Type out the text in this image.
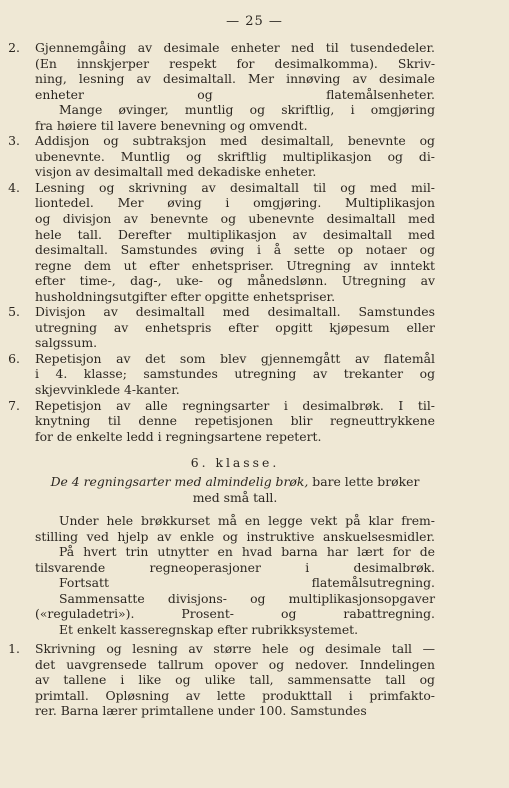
— 25 —
2. Gjennemgåing av desimale enheter ned til tusendedeler.

(En innskjerper respekt for desimalkomma). Skriv-

ning, lesning av desimaltall. Mer innøving av desimale

enheter og flatemålsenheter.

Mange øvinger, muntlig og skriftlig, i omgjøring

fra høiere til lavere benevning og omvendt.

3. Addisjon og subtraksjon med desimaltall, benevnte og

ubenevnte. Muntlig og skriftlig multiplikasjon og di-

visjon av desimaltall med dekadiske enheter.

4. Lesning og skrivning av desimaltall til og med mil-

liontedel. Mer øving i omgjøring. Multiplikasjon

og divisjon av benevnte og ubenevnte desimaltall med

hele tall. Derefter multiplikasjon av desimaltall med

desimaltall. Samstundes øving i å sette op notaer og

regne dem ut efter enhetspriser. Utregning av inntekt

efter time-, dag-, uke- og månedslønn. Utregning av

husholdningsutgifter efter opgitte enhetspriser.

5. Divisjon av desimaltall med desimaltall. Samstundes

utregning av enhetspris efter opgitt kjøpesum eller

salgssum.

6. Repetisjon av det som blev gjennemgått av flatemål

i 4. klasse; samstundes utregning av trekanter og

skjevvinklede 4-kanter.

7. Repetisjon av alle regningsarter i desimalbrøk. I til-

knytning til denne repetisjonen blir regneuttrykkene

for de enkelte ledd i regningsartene repetert.

6. klasse.

De 4 regningsarter med almindelig brøk, bare lette brøker

med små tall.

Under hele brøkkurset må en legge vekt på klar frem-

stilling ved hjelp av enkle og instruktive anskuelsesmidler.

På hvert trin utnytter en hvad barna har lært for de

tilsvarende regneoperasjoner i desimalbrøk.

Fortsatt flatemålsutregning.

Sammensatte divisjons- og multiplikasjonsopgaver

(«reguladetri»). Prosent- og rabattregning.

Et enkelt kasseregnskap efter rubrikksystemet.

1. Skrivning og lesning av større hele og desimale tall —

det uavgrensede tallrum opover og nedover. Inndelingen

av tallene i like og ulike tall, sammensatte tall og

primtall. Opløsning av lette produkttall i primfakto-

rer. Barna lærer primtallene under 100. Samstundes
